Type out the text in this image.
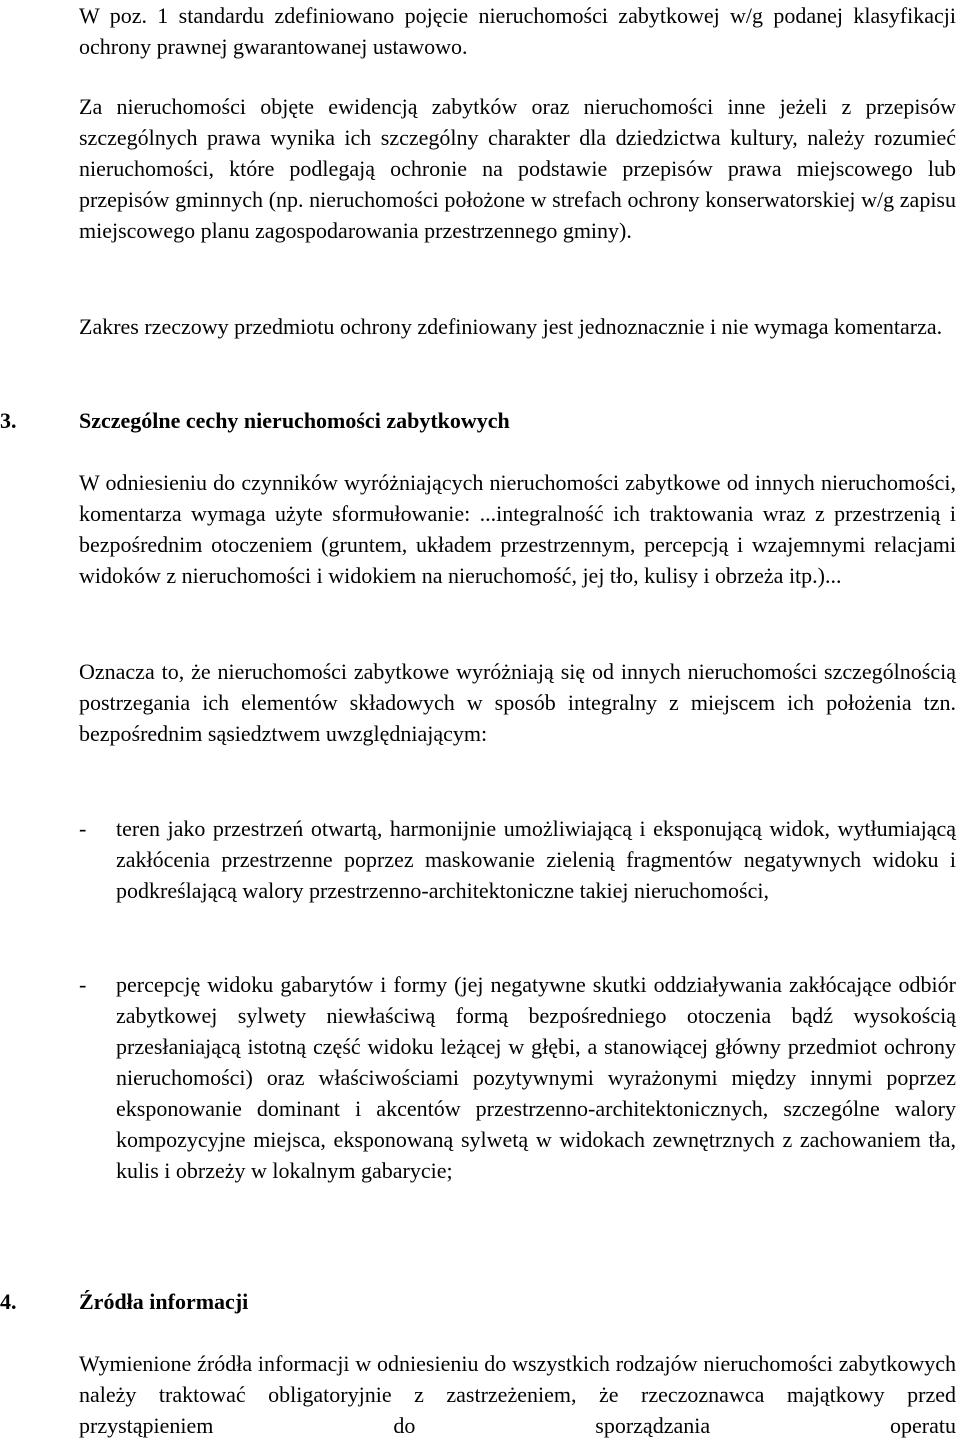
W poz. 1 standardu zdefiniowano pojęcie nieruchomości zabytkowej w/g podanej klasyfikacji ochrony prawnej gwarantowanej ustawowo.

Za nieruchomości objęte ewidencją zabytków oraz nieruchomości inne jeżeli z przepisów szczególnych prawa wynika ich szczególny charakter dla dziedzictwa kultury, należy rozumieć nieruchomości, które podlegają ochronie na podstawie przepisów prawa miejscowego lub przepisów gminnych (np. nieruchomości położone w strefach ochrony konserwatorskiej w/g zapisu miejscowego planu zagospodarowania przestrzennego gminy).

Zakres rzeczowy przedmiotu ochrony zdefiniowany jest jednoznacznie i nie wymaga komentarza.

3.	Szczególne cechy nieruchomości zabytkowych

W odniesieniu do czynników wyróżniających nieruchomości zabytkowe od innych nieruchomości, komentarza wymaga użyte sformułowanie: ...integralność ich traktowania wraz z przestrzenią i bezpośrednim otoczeniem (gruntem, układem przestrzennym, percepcją i wzajemnymi relacjami widoków z nieruchomości i widokiem na nieruchomość, jej tło, kulisy i obrzeża itp.)...

Oznacza to, że nieruchomości zabytkowe wyróżniają się od innych nieruchomości szczególnością postrzegania ich elementów składowych w sposób integralny z miejscem ich położenia tzn. bezpośrednim sąsiedztwem uwzględniającym:

-	teren jako przestrzeń otwartą, harmonijnie umożliwiającą i eksponującą widok, wytłumiającą zakłócenia przestrzenne poprzez maskowanie zielenią fragmentów negatywnych widoku i podkreślającą walory przestrzenno-architektoniczne takiej nieruchomości,
-	percepcję widoku gabarytów i formy (jej negatywne skutki oddziaływania zakłócające odbiór zabytkowej sylwety niewłaściwą formą bezpośredniego otoczenia bądź wysokością przesłaniającą istotną część widoku leżącej w głębi, a stanowiącej główny przedmiot ochrony nieruchomości) oraz właściwościami pozytywnymi wyrażonymi między innymi poprzez eksponowanie dominant i akcentów przestrzenno-architektonicznych, szczególne walory kompozycyjne miejsca, eksponowaną sylwetą w widokach zewnętrznych z zachowaniem tła, kulis i obrzeży w lokalnym gabarycie;
4.	Źródła informacji

Wymienione źródła informacji w odniesieniu do wszystkich rodzajów nieruchomości zabytkowych należy traktować obligatoryjnie z zastrzeżeniem, że rzeczoznawca majątkowy przed przystąpieniem do sporządzania operatu
